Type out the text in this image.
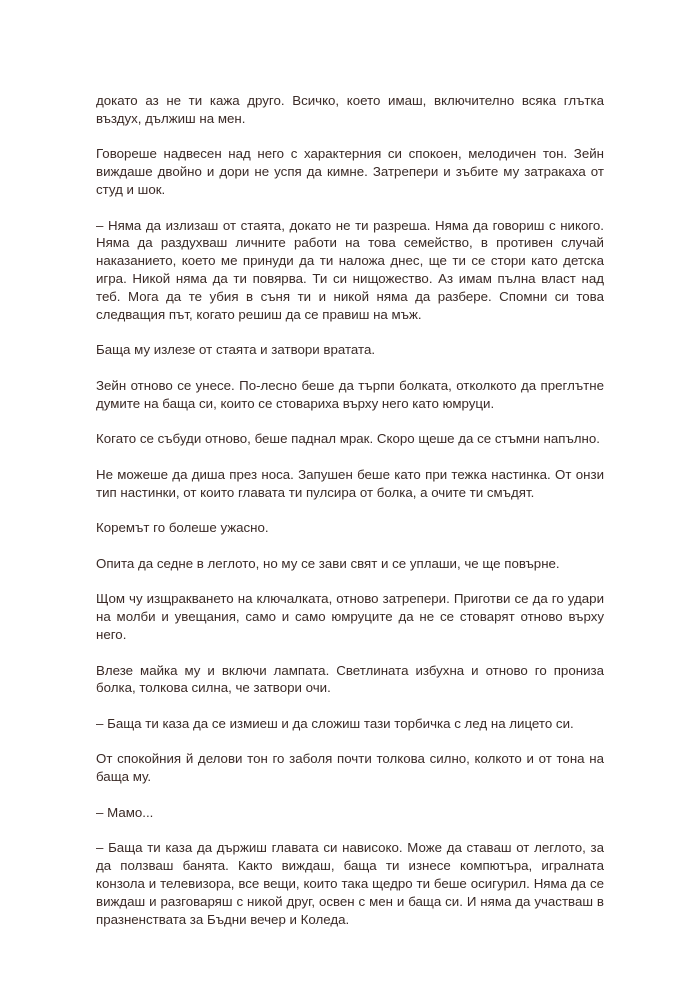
докато аз не ти кажа друго. Всичко, което имаш, включително всяка глътка въздух, дължиш на мен.

Говореше надвесен над него с характерния си спокоен, мелодичен тон. Зейн виждаше двойно и дори не успя да кимне. Затрепери и зъбите му затракаха от студ и шок.

– Няма да излизаш от стаята, докато не ти разреша. Няма да говориш с никого. Няма да раздухваш личните работи на това семейство, в противен случай наказанието, което ме принуди да ти наложа днес, ще ти се стори като детска игра. Никой няма да ти повярва. Ти си нищожество. Аз имам пълна власт над теб. Мога да те убия в съня ти и никой няма да разбере. Спомни си това следващия път, когато решиш да се правиш на мъж.

Баща му излезе от стаята и затвори вратата.

Зейн отново се унесе. По-лесно беше да търпи болката, отколкото да преглътне думите на баща си, които се стовариха върху него като юмруци.

Когато се събуди отново, беше паднал мрак. Скоро щеше да се стъмни напълно.

Не можеше да диша през носа. Запушен беше като при тежка настинка. От онзи тип настинки, от които главата ти пулсира от болка, а очите ти смъдят.

Коремът го болеше ужасно.

Опита да седне в леглото, но му се зави свят и се уплаши, че ще повърне.

Щом чу изщракването на ключалката, отново затрепери. Приготви се да го удари на молби и увещания, само и само юмруците да не се стоварят отново върху него.

Влезе майка му и включи лампата. Светлината избухна и отново го прониза болка, толкова силна, че затвори очи.

– Баща ти каза да се измиеш и да сложиш тази торбичка с лед на лицето си.

От спокойния й делови тон го заболя почти толкова силно, колкото и от тона на баща му.

– Мамо...

– Баща ти каза да държиш главата си нависоко. Може да ставаш от леглото, за да ползваш банята. Както виждаш, баща ти изнесе компютъра, игралната конзола и телевизора, все вещи, които така щедро ти беше осигурил. Няма да се виждаш и разговаряш с никой друг, освен с мен и баща си. И няма да участваш в празненствата за Бъдни вечер и Коледа.
